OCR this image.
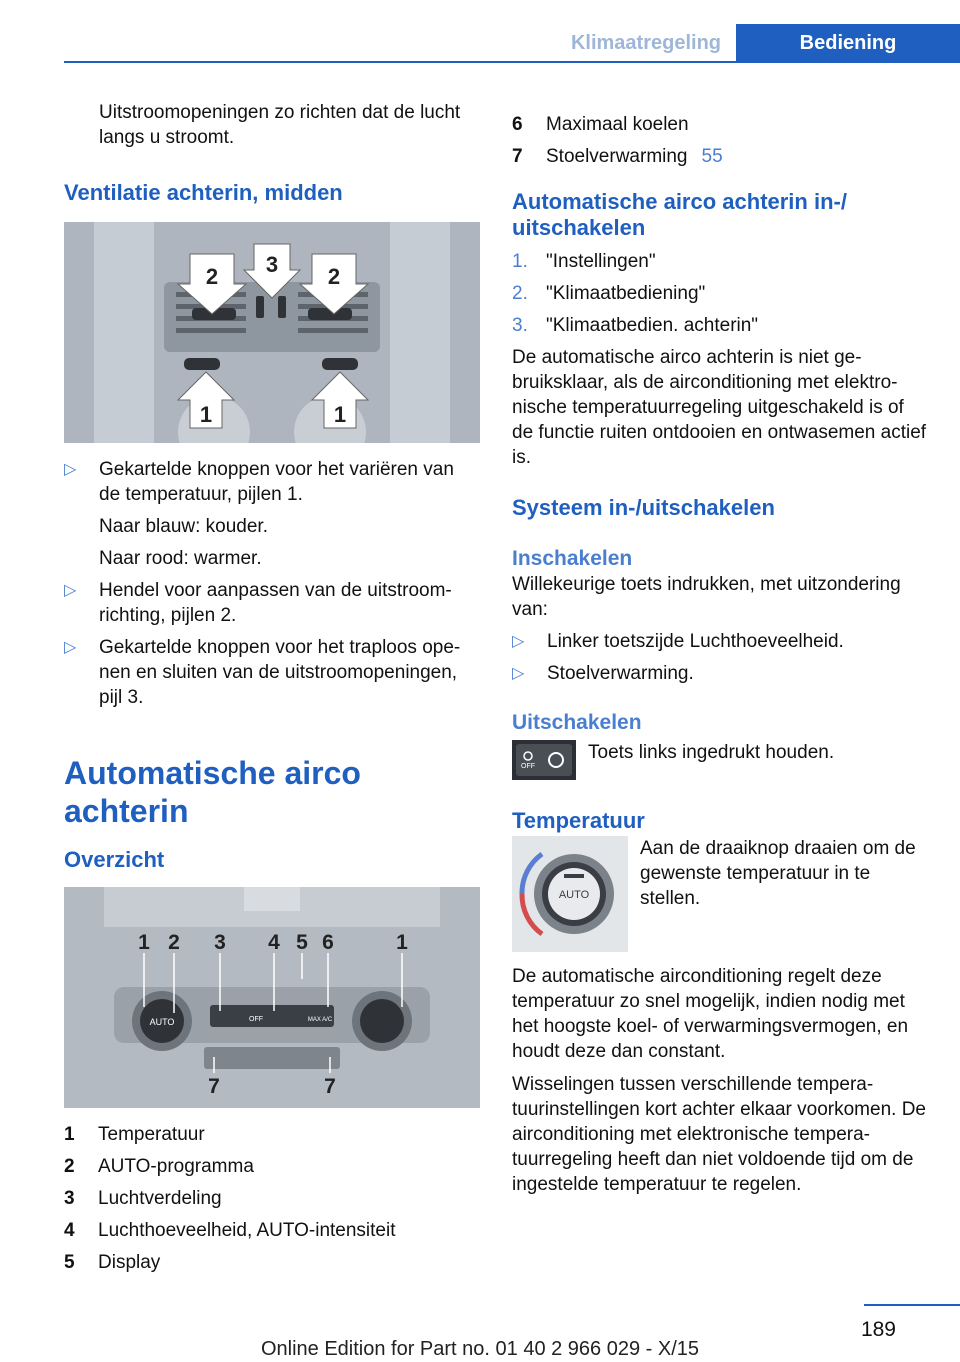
Klimaatregeling	Bediening

Uitstroomopeningen zo richten dat de lucht langs u stroomt.

Ventilatie achterin, midden
2 3 2
1	1
▷	Gekartelde knoppen voor het variëren van de temperatuur, pijlen 1.

Naar blauw: kouder.

Naar rood: warmer.

▷	Hendel voor aanpassen van de uitstroom-richting, pijlen 2.
▷	Gekartelde knoppen voor het traploos ope-nen en sluiten van de uitstroomopeningen, pijl 3.
Automatische airco achterin
Overzicht
AUTO	OFF	MAX A/C
1 2 3 4 5 6	1
7	7
1	Temperatuur
2	AUTO-programma
3	Luchtverdeling
4	Luchthoeveelheid, AUTO-intensiteit
5	Display
6	Maximaal koelen
7	Stoelverwarming 55
Automatische airco achterin in-/ uitschakelen
1. "Instellingen"
2. "Klimaatbediening"
3. "Klimaatbedien. achterin"

De automatische airco achterin is niet ge-bruiksklaar, als de airconditioning met elektro-nische temperatuurregeling uitgeschakeld is of de functie ruiten ontdooien en ontwasemen actief is.

Systeem in-/uitschakelen
Inschakelen

Willekeurige toets indrukken, met uitzondering van:

▷	Linker toetszijde Luchthoeveelheid.
▷	Stoelverwarming.
Uitschakelen
OFF

Toets links ingedrukt houden.

Temperatuur
AUTO

Aan de draaiknop draaien om de gewenste temperatuur in te stellen.

De automatische airconditioning regelt deze temperatuur zo snel mogelijk, indien nodig met het hoogste koel- of verwarmingsvermogen, en houdt deze dan constant.

Wisselingen tussen verschillende tempera-tuurinstellingen kort achter elkaar voorkomen. De airconditioning met elektronische tempera-tuurregeling heeft dan niet voldoende tijd om de ingestelde temperatuur te regelen.

189
Online Edition for Part no. 01 40 2 966 029 - X/15
